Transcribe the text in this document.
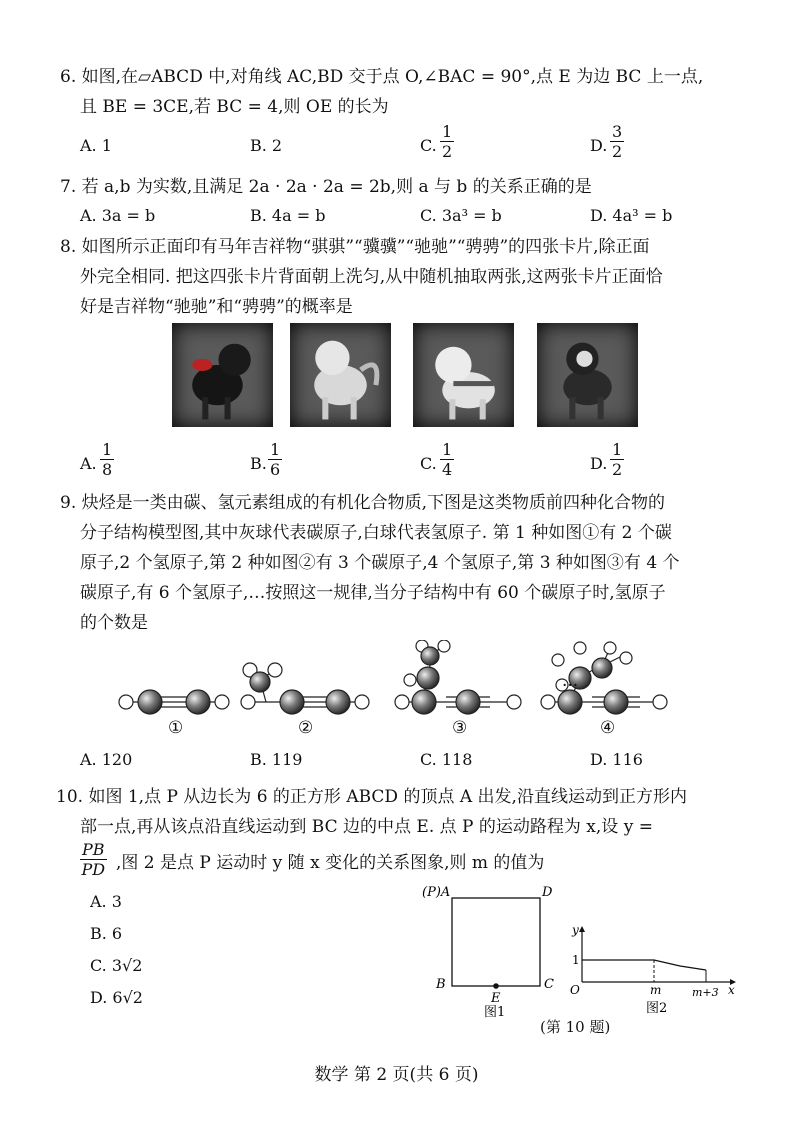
6. 如图,在▱ABCD 中,对角线 AC,BD 交于点 O,∠BAC = 90°,点 E 为边 BC 上一点,
且 BE = 3CE,若 BC = 4,则 OE 的长为
A. 1	B. 2	C. $\frac{1}{2}$	D. $\frac{3}{2}$
7. 若 a,b 为实数,且满足 2a · 2a · 2a = 2b,则 a 与 b 的关系正确的是
A. 3a = b	B. 4a = b	C. 3a³ = b	D. 4a³ = b
8. 如图所示正面印有马年吉祥物“骐骐”“骥骥”“驰驰”“骋骋”的四张卡片,除正面
外完全相同. 把这四张卡片背面朝上洗匀,从中随机抽取两张,这两张卡片正面恰
好是吉祥物“驰驰”和“骋骋”的概率是
A. $\frac{1}{8}$	B. $\frac{1}{6}$	C. $\frac{1}{4}$	D. $\frac{1}{2}$
9. 炔烃是一类由碳、氢元素组成的有机化合物质,下图是这类物质前四种化合物的
分子结构模型图,其中灰球代表碳原子,白球代表氢原子. 第 1 种如图①有 2 个碳
原子,2 个氢原子,第 2 种如图②有 3 个碳原子,4 个氢原子,第 3 种如图③有 4 个
碳原子,有 6 个氢原子,…按照这一规律,当分子结构中有 60 个碳原子时,氢原子
的个数是
···
①	②	③	④
A. 120	B. 119	C. 118	D. 116
10. 如图 1,点 P 从边长为 6 的正方形 ABCD 的顶点 A 出发,沿直线运动到正方形内
部一点,再从该点沿直线运动到 BC 边的中点 E. 点 P 的运动路程为 x,设 y =
$\frac{PB}{PD}$ ,图 2 是点 P 运动时 y 随 x 变化的关系图象,则 m 的值为
A. 3
B. 6
C. 3√2
D. 6√2
(P)A	D
B	C
E
图1
y
1
O	m	m+3 x
图2
(第 10 题)
数学 第 2 页(共 6 页)
